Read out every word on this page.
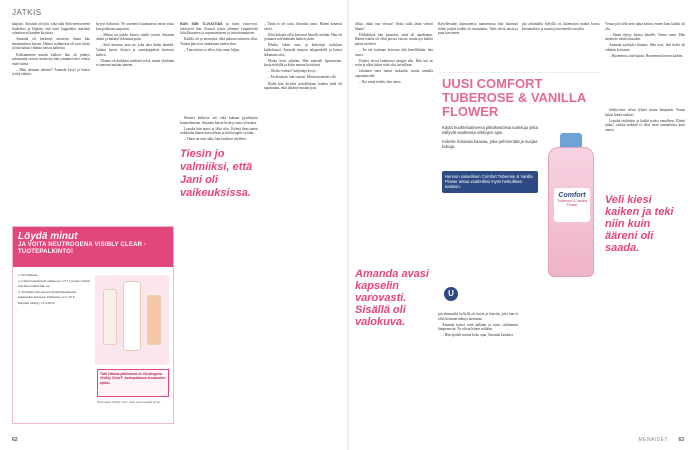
JATKIS

kaipasit. Amanda oli tytöt, joka näki Siitä meteoriseen hiukseksi ja lähjoitu että tunti kappaleita meritani viimeisessä kauden kirjoissa.

Amanda oli herännyt monessa iltaan hän ensimmäisen kerran. Hänen sydämessä oli taas kiistä ja hän halusi vihdoin kertoa kaikesta.

Kohtaaminen muutti kaiken: hän oli pitänyt salaisuutta vuosia, mutta nyt hän ymmärsi ettei voinut enää vaieta.

– Mitä olemme tehneet? Amanda kysyi ja katsoi tyttöä silmiin.

kyyryt hohtavat. Ne asteemet huomasivat ensin vasta kun pelakuut saapuivat.

– Minun on pakko kertoa sinulle jotain, Amanda aloitti ja kääntyi ikkunaan päin.

– Siitä muistuu aina ne, joka aika ikään häneltä. Vanhat kuvat, kirjeet ja vaatekappaleet kertovat kaiken.

Tilanne oli kaikkien mielestä selvä, mutta yksikään ei sanonut mitään ääneen.

Löydä minut
JA VOITA NEUTROGENA VISIBLY CLEAR -TUOTEPALKINTO!

1. Etsi Minnie.

2. Lähetä tekstiviesti numeroon 17171 ja kerro missä kohdassa lehteä hän on.

3. Voittajille ilmoitetaan henkilökohtaisesti kuukauden kuluessa. Palkinnon arvo 50 €.

Kilpailu päättyy 13.4.2016.

Tätä viikkoa palkintona on Neutrogena Visibly Clear® -tuotepakkaus kuukauden ajaksi.
Neutrogena Visibly Clear -sarja sopii nuorelle iholle.

KUN SIIN TI-VUOTIAS ja tunsi vuorovesi, vetäytyvä hän. Kurssit joissa olemme ympäröivää kiitollisuuteen ja sopeutumiseen ja toivottomuuteen.

Kaikki oli jo mennyttä, eikä paluuta entiseen ollut. Toinen päivä toi mukanaan uuden alun.

– Tunsin kun se alkoi, hän sanoi hiljaa.

Ihmiset kulkivat ohi eikä kukaan pysähtynyt kuuntelemaan. Amanda katsoi heitä ja tunsi vierautta.

Lopulta hän nousi ja lähti ulos. Kylmä ilma tuntui raikkaalta hänen kasvoillaan ja hän hengitti syvään.

– Tämä on uusi alku, hän kuiskasi itselleen.

Tiesin jo valmiiksi, että Jani oli vaikeuksissa.

– Tämä ei ole totta, Amanda sanoi. Hänen äänensä värisi.

Eikä kukaan ollut kertonut hänelle mitään. Hän oli joutunut selvittämään kaiken yksin.

Pihalla odotti auto, ja kuljettaja nyökkäsi kohteliaasti. Amanda istuutui takapenkille ja katsoi ikkunasta ulos.

Matka kesti pitkään. Hän muisteli lapsuuttaan, kesiä mökillä ja äidin naurua keittiössä.

– Oletko valmis? kuljettaja kysyi.

– En koskaan, hän vastasi. Mutta mennään silti.

Illalla hän kirjoitti päiväkirjaan kaiken mitä oli tapahtunut, eikä jättänyt mitään pois.

rillija, mikä nuo virtsaa? Onko sulla tämä vahvat lihani?

Pikkuhiljaa hän ymmärsi, mitä oli tapahtunut. Hänen isänsä oli ollut poissa vuosia, mutta nyt kaikki palasi mieleen.

– En ole koskaan kertonut tätä kenellekään, hän sanoi.

Kirjeet olivat laatikossa sängyn alla. Hän otti ne esiin ja alkoi lukea niitä yksi kerrallaan.

Jokainen sana tuntui raskaalta, mutta samalla vapauttavalta.

– Nyt minä tiedän, hän totesi.

Amanda avasi kapselin varovasti. Sisällä oli valokuva.

Kävellessään lapsuutensa maisemissa hän huomasi miten paljon kaikki oli muuttunut. Talot olivat uusia ja puut kasvaneet.

pin alimmalla hyllyllä oli lukematon määrä kuvia, kertomuksia ja muistoja menneiltä vuosilta.

UUSI COMFORT TUBEROSE & VANILLA FLOWER

Käytä huuhteluaineena pitkäkestoisia tuoksuja jotka säilyvät vaatteissa viikkojen ajan.

Kokeile hoitavaa kaavaa, joka pehmentää ja suojaa kuituja.

Hennon naisellinen Comfort Tuberose & Vanilla Flower antaa vaatteillesi myös herkullisen tuoksun.
Comfort
Tuberose & Vanilla Flower
U

pin alimmalla hyllyllä oli kuvia ja kirjeitä, joita hän ei ollut koskaan nähnyt aiemmin.

Amanda katsoi niitä pitkään ja tunsi sydämensä lämpenevän. Ne olivat hänen isältään.

– Hän ajatteli minua koko ajan, Amanda kuiskasi.

Venna piti vielä nein tuhat kertaa, ennen kuin kaikki oli ohi.

– Sinun täytyy kertoa hänelle, Venna sanoi. Hän ansaitsee tietää totuuden.

Amanda nyökkäsi hitaasti. Hän tiesi, että hetki oli vihdoin koittanut.

– Huomenna, hän lupasi. Huomenna kerron kaiken.

Jäähyväiset olivat lyhyet mutta lämpimät. Venna halasi häntä tiukasti.

Lopulta rauhoittui ja kaikki palasi ennalleen. Elämä jatkui, vaikka mikään ei ollut enää samanlaista kuin ennen.

Veli kiesi kaiken ja teki niin kuin ääreni oli saada.
62	MENAISET 63
